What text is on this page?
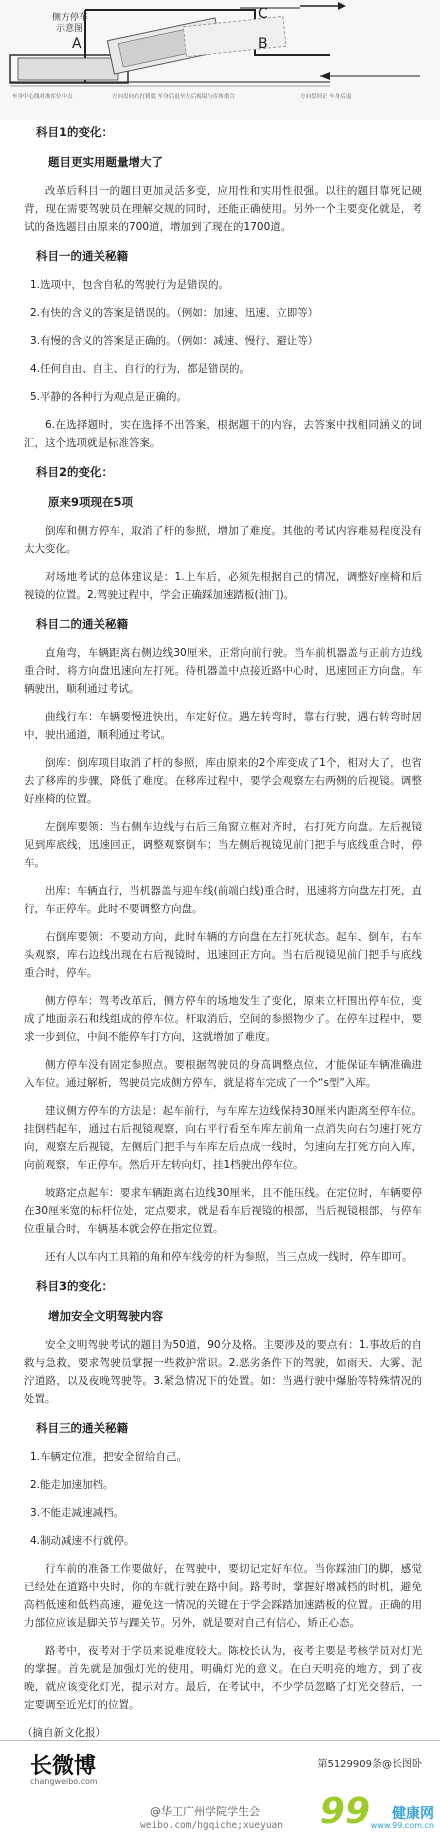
侧方停车
示意图
A	B
C
车身中心线对准库位中点	方向盘向右打到底 车身后退至左后视镜与库角重合	方向盘回正 车身后退
科目1的变化：
题目更实用题量增大了

改革后科目一的题目更加灵活多变，应用性和实用性很强。以往的题目靠死记硬背，现在需要驾驶员在理解交规的同时，还能正确使用。另外一个主要变化就是，考试的备选题目由原来的700道，增加到了现在的1700道。

科目一的通关秘籍
1.选项中，包含自私的驾驶行为是错误的。
2.有快的含义的答案是错误的。（例如：加速、迅速、立即等）
3.有慢的含义的答案是正确的。（例如：减速、慢行、避让等）
4.任何自由、自主、自行的行为，都是错误的。
5.平静的各种行为观点是正确的。

6.在选择题时，实在选择不出答案，根据题干的内容，去答案中找相同涵义的词汇，这个选项就是标准答案。

科目2的变化：
原来9项现在5项

倒库和侧方停车，取消了杆的参照，增加了难度。其他的考试内容难易程度没有太大变化。

对场地考试的总体建议是：1.上车后，必须先根据自己的情况，调整好座椅和后视镜的位置。2.驾驶过程中，学会正确踩加速踏板(油门)。

科目二的通关秘籍

直角弯，车辆距离右侧边线30厘米，正常向前行驶。当车前机器盖与正前方边线重合时，将方向盘迅速向左打死。待机器盖中点接近路中心时，迅速回正方向盘。车辆驶出，顺利通过考试。

曲线行车：车辆要慢进快出，车定好位。遇左转弯时，靠右行驶，遇右转弯时居中，驶出通道，顺利通过考试。

倒库：倒库项目取消了杆的参照，库由原来的2个库变成了1个，相对大了，也省去了移库的步骤，降低了难度。在移库过程中，要学会观察左右两侧的后视镜。调整好座椅的位置。

左倒库要领：当右侧车边线与右后三角窗立框对齐时，右打死方向盘。左后视镜见到库底线，迅速回正，调整观察倒车；当左侧后视镜见前门把手与底线重合时，停车。

出库：车辆直行，当机器盖与迎车线(前端白线)重合时，迅速将方向盘左打死，直行，车正停车。此时不要调整方向盘。

右倒库要领：不要动方向，此时车辆的方向盘在左打死状态。起车、倒车，右车头观察，库右边线出现在右后视镜时，迅速回正方向。当右后视镜见前门把手与底线重合时，停车。

侧方停车：驾考改革后，侧方停车的场地发生了变化，原来立杆围出停车位，变成了地面亲石和线组成的停车位。杆取消后，空间的参照物少了。在停车过程中，要求一步到位，中间不能停车打方向，这就增加了难度。

侧方停车没有固定参照点。要根据驾驶员的身高调整点位，才能保证车辆准确进入车位。通过解析，驾驶员完成侧方停车，就是将车完成了一个“s型”入库。

建议侧方停车的方法是：起车前行，与车库左边线保持30厘米内距离至停车位。挂倒档起车，通过右后视镜观察，向右平行看至车库左前角一点消失向右匀速打死方向，观察左后视镜，左侧后门把手与车库左后点成一线时，匀速向左打死方向入库，向前观察，车正停车。然后开左转向灯，挂1档驶出停车位。

坡路定点起车：要求车辆距离右边线30厘米，且不能压线。在定位时，车辆要停在30厘米宽的标杆位处，定点要求，就是看车后视镜的根部，当后视镜根部，与停车位重量合时，车辆基本就会停在指定位置。

还有人以车内工具箱的角和停车线旁的杆为参照，当三点成一线时，停车即可。

科目3的变化：
增加安全文明驾驶内容

安全文明驾驶考试的题目为50道，90分及格。主要涉及的要点有：1.事故后的自救与急救，要求驾驶员掌握一些救护常识。2.恶劣条件下的驾驶，如雨天、大雾、泥泞道路，以及夜晚驾驶等。3.紧急情况下的处置。如：当遇行驶中爆胎等特殊情况的处置。

科目三的通关秘籍
1.车辆定位准，把安全留给自己。
2.能走加速加档。
3.不能走减速减档。
4.制动减速不行就停。

行车前的准备工作要做好，在驾驶中，要切记定好车位。当你踩油门的脚，感觉已经处在道路中央时，你的车就行驶在路中间。路考时，掌握好增减档的时机，避免高档低速和低档高速，避免这一情况的关键在于学会踩踏加速踏板的位置。正确的用力部位应该是脚关节与踝关节。另外，就是要对自己有信心，矫正心态。

路考中，夜考对于学员来说难度较大。陈校长认为，夜考主要是考核学员对灯光的掌握。首先就是加强灯光的使用，明确灯光的意义。在白天明亮的地方，到了夜晚，就应该变化灯光，提示对方。最后，在考试中，不少学员忽略了灯光交替后，一定要调至近光灯的位置。

（摘自新文化报）
长微博
changweibo.com
第5129909条@长图卧
@华工广州学院学生会
weibo.com/hgqiche;xueyuan 99 健康网
www.99.com.cn
